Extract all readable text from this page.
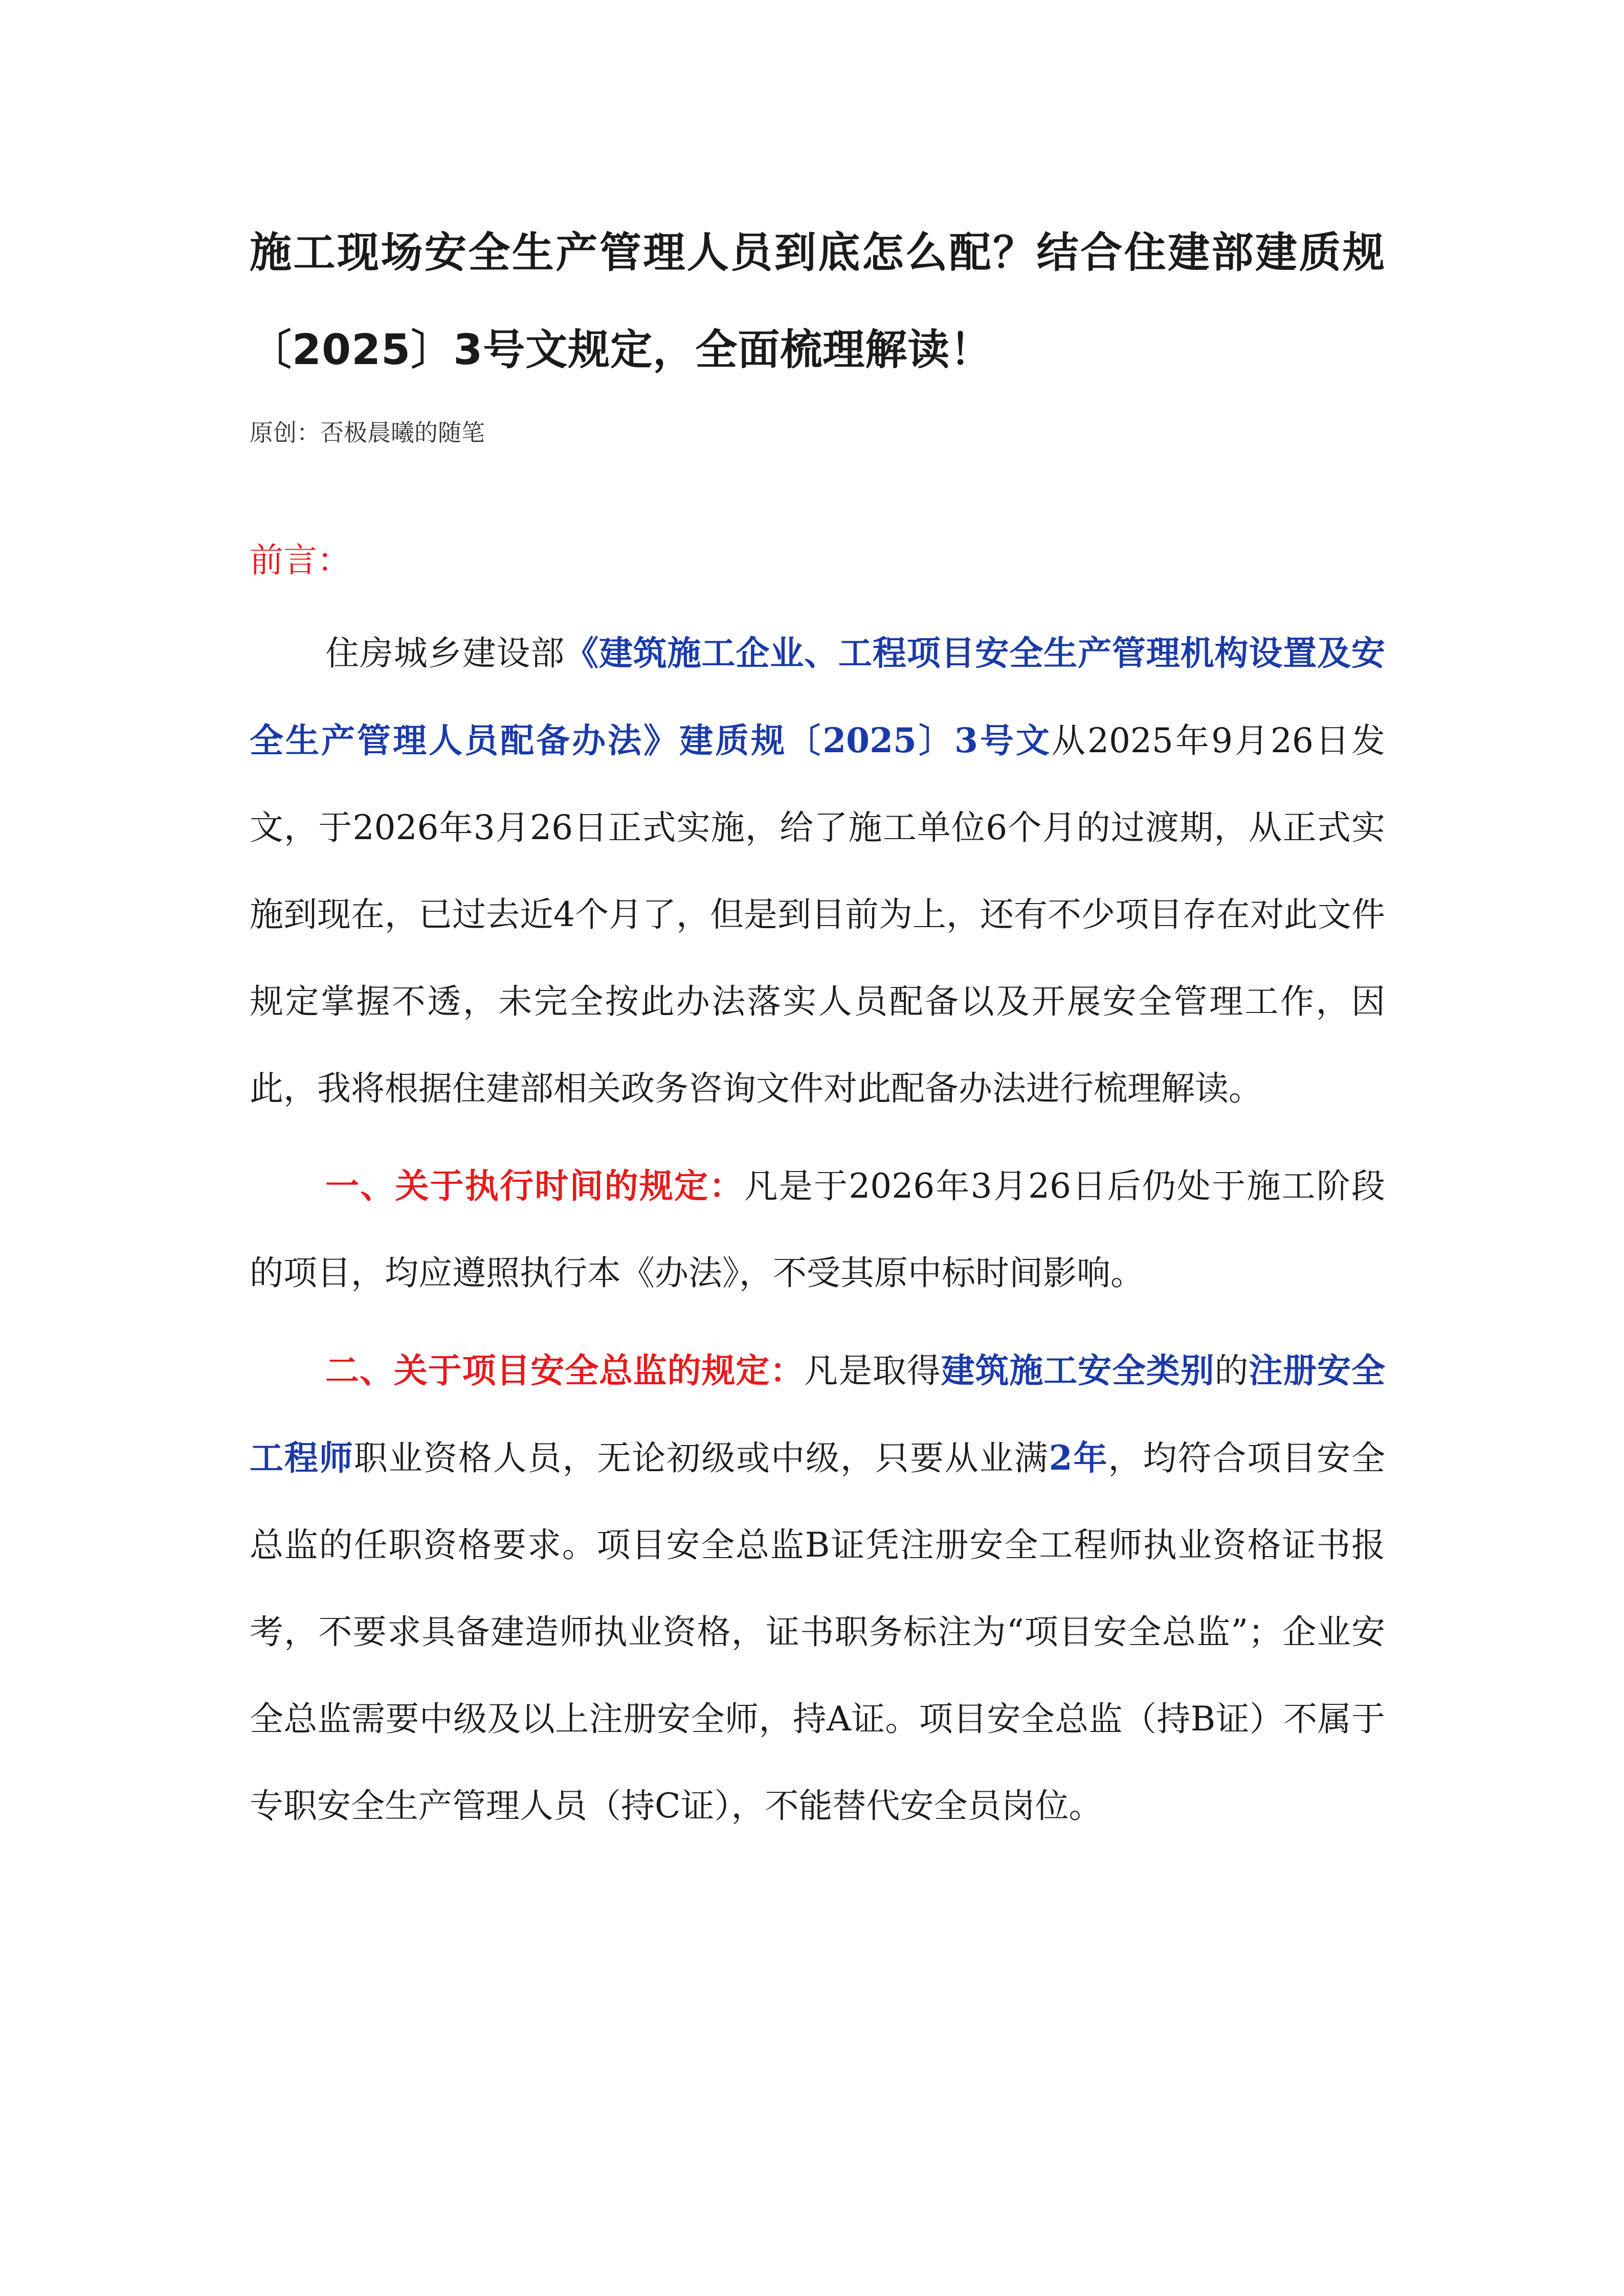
施工现场安全生产管理人员到底怎么配？结合住建部建质规〔2025〕3号文规定，全面梳理解读！
原创：否极晨曦的随笔
前言：

住房城乡建设部《建筑施工企业、工程项目安全生产管理机构设置及安全生产管理人员配备办法》建质规〔2025〕3号文从2025年9月26日发文，于2026年3月26日正式实施，给了施工单位6个月的过渡期，从正式实施到现在，已过去近4个月了，但是到目前为上，还有不少项目存在对此文件规定掌握不透，未完全按此办法落实人员配备以及开展安全管理工作，因此，我将根据住建部相关政务咨询文件对此配备办法进行梳理解读。

一、关于执行时间的规定：凡是于2026年3月26日后仍处于施工阶段的项目，均应遵照执行本《办法》，不受其原中标时间影响。

二、关于项目安全总监的规定：凡是取得建筑施工安全类别的注册安全工程师职业资格人员，无论初级或中级，只要从业满2年，均符合项目安全总监的任职资格要求。项目安全总监B证凭注册安全工程师执业资格证书报考，不要求具备建造师执业资格，证书职务标注为“项目安全总监”；企业安全总监需要中级及以上注册安全师，持A证。项目安全总监（持B证）不属于专职安全生产管理人员（持C证），不能替代安全员岗位。
